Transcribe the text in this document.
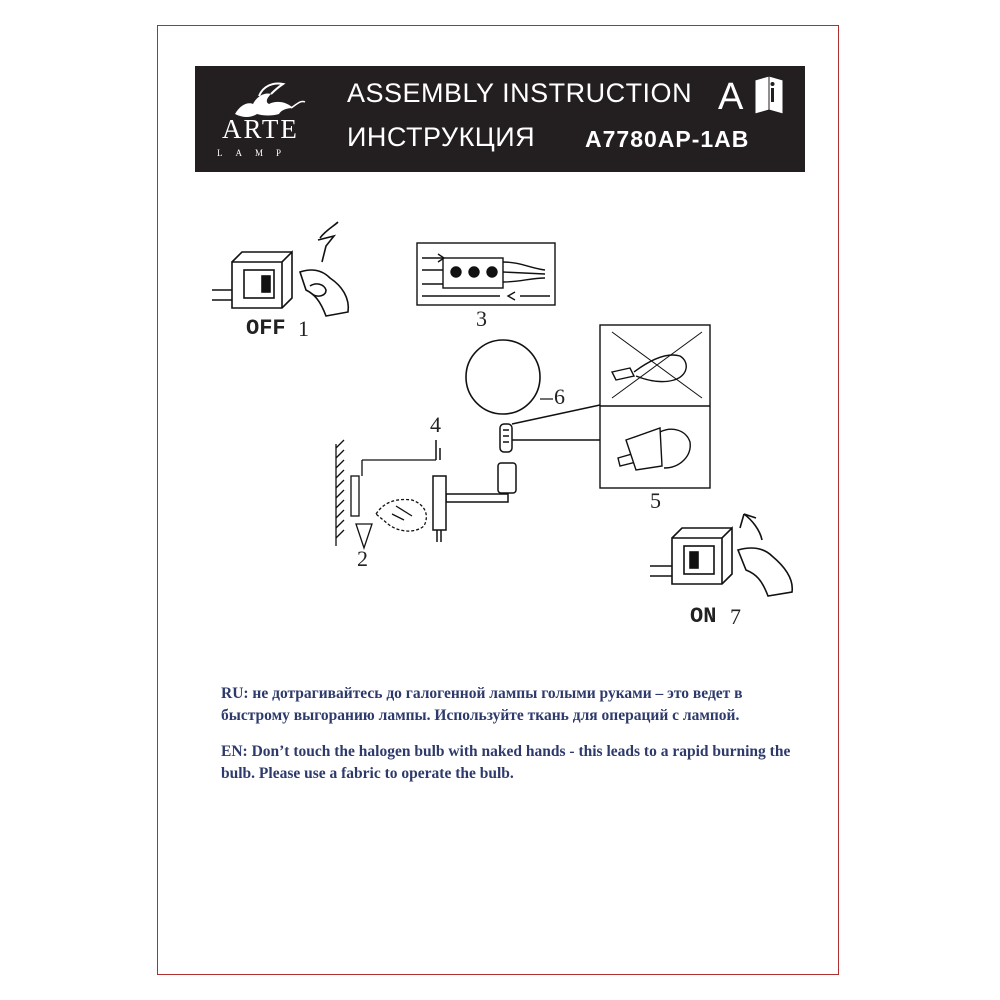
ARTE
LAMP
ASSEMBLY INSTRUCTION
ИНСТРУКЦИЯ A7780AP-1AB
A
OFF 1	3
4
6
2
5
ON 7
RU: не дотрагивайтесь до галогенной лампы голыми руками – это ведет в быстрому выгоранию лампы. Используйте ткань для операций с лампой.
EN: Don’t touch the halogen bulb with naked hands - this leads to a rapid burning the bulb. Please use a fabric to operate the bulb.
